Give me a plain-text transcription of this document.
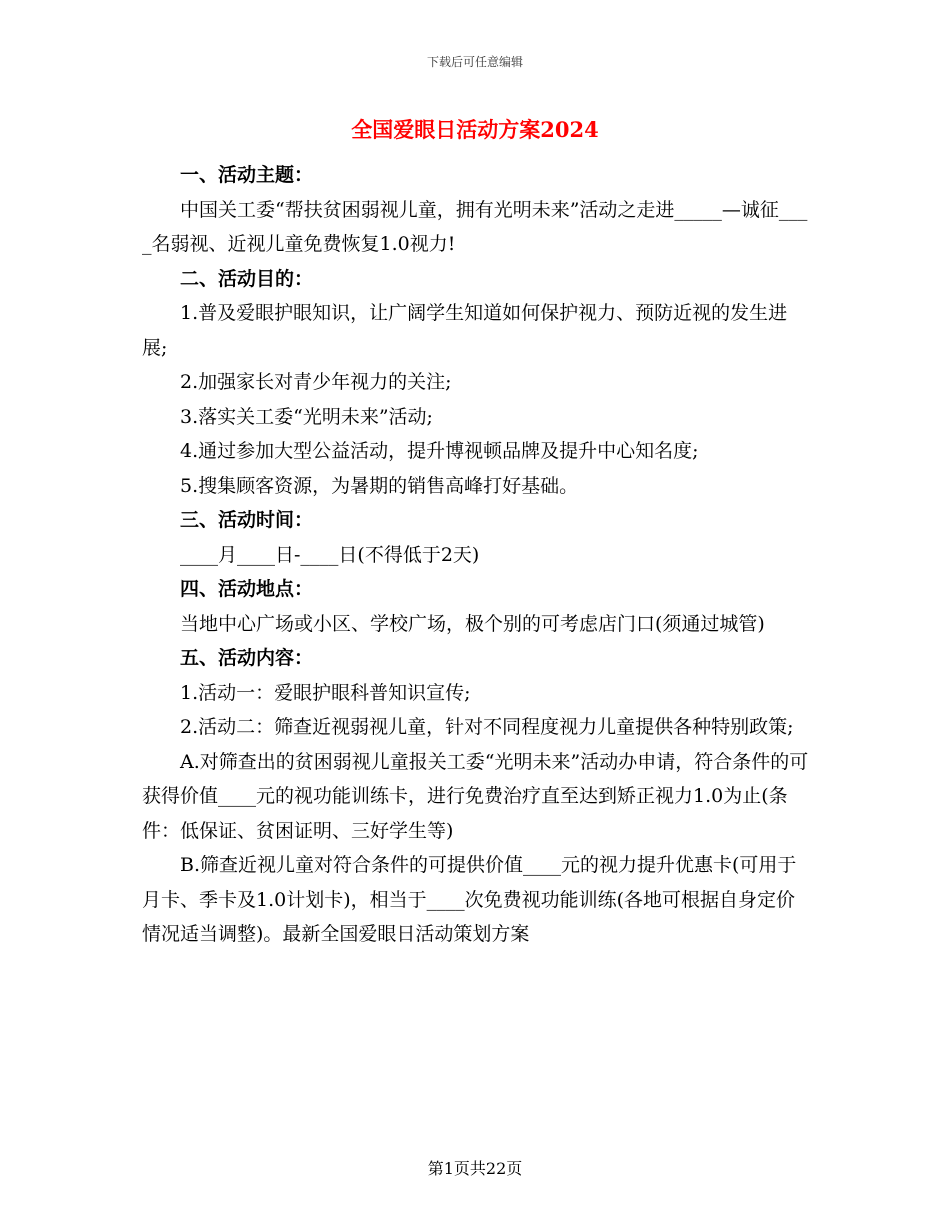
下载后可任意编辑
全国爱眼日活动方案2024

一、活动主题：

中国关工委“帮扶贫困弱视儿童，拥有光明未来”活动之走进_____—诚征____名弱视、近视儿童免费恢复1.0视力!

二、活动目的：

1.普及爱眼护眼知识，让广阔学生知道如何保护视力、预防近视的发生进展;

2.加强家长对青少年视力的关注;

3.落实关工委“光明未来”活动;

4.通过参加大型公益活动，提升博视顿品牌及提升中心知名度;

5.搜集顾客资源，为暑期的销售高峰打好基础。

三、活动时间：

____月____日-____日(不得低于2天)

四、活动地点：

当地中心广场或小区、学校广场，极个别的可考虑店门口(须通过城管)

五、活动内容：

1.活动一：爱眼护眼科普知识宣传;

2.活动二：筛查近视弱视儿童，针对不同程度视力儿童提供各种特别政策;

A.对筛查出的贫困弱视儿童报关工委“光明未来”活动办申请，符合条件的可获得价值____元的视功能训练卡，进行免费治疗直至达到矫正视力1.0为止(条件：低保证、贫困证明、三好学生等)

B.筛查近视儿童对符合条件的可提供价值____元的视力提升优惠卡(可用于月卡、季卡及1.0计划卡)，相当于____次免费视功能训练(各地可根据自身定价情况适当调整)。最新全国爱眼日活动策划方案

第1页共22页
